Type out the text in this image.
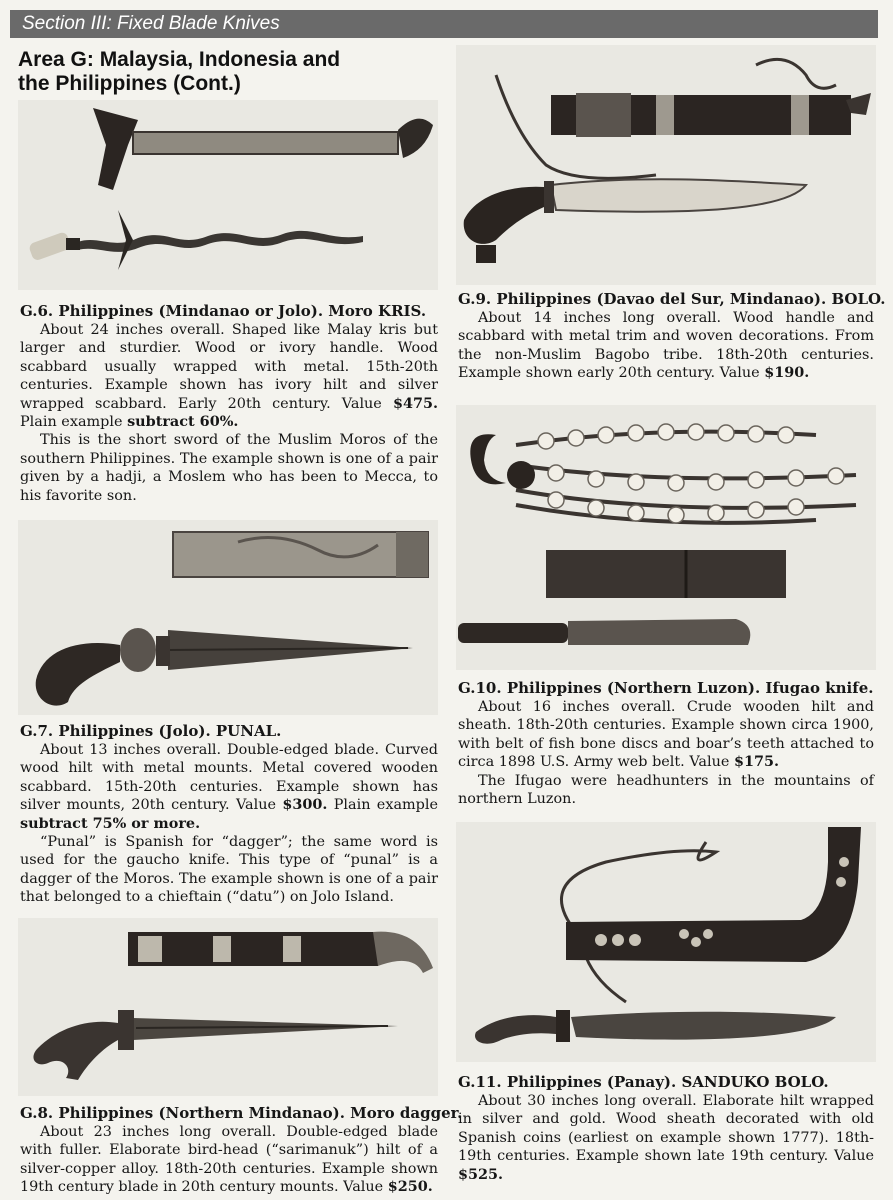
Section III: Fixed Blade Knives
Area G: Malaysia, Indonesia and
the Philippines (Cont.)
G.6. Philippines (Mindanao or Jolo). Moro KRIS.

About 24 inches overall. Shaped like Malay kris but larger and sturdier. Wood or ivory handle. Wood scabbard usually wrapped with metal. 15th-20th centuries. Example shown has ivory hilt and silver wrapped scabbard. Early 20th century. Value $475. Plain example subtract 60%.

This is the short sword of the Muslim Moros of the southern Philippines. The example shown is one of a pair given by a hadji, a Moslem who has been to Mecca, to his favorite son.

G.7. Philippines (Jolo). PUNAL.

About 13 inches overall. Double-edged blade. Curved wood hilt with metal mounts. Metal covered wooden scabbard. 15th-20th centuries. Example shown has silver mounts, 20th century. Value $300. Plain example subtract 75% or more.

“Punal” is Spanish for “dagger”; the same word is used for the gaucho knife. This type of “punal” is a dagger of the Moros. The example shown is one of a pair that belonged to a chieftain (“datu”) on Jolo Island.

G.8. Philippines (Northern Mindanao). Moro dagger.

About 23 inches long overall. Double-edged blade with fuller. Elaborate bird-head (“sarimanuk”) hilt of a silver-copper alloy. 18th-20th centuries. Example shown 19th century blade in 20th century mounts. Value $250.

G.9. Philippines (Davao del Sur, Mindanao). BOLO.

About 14 inches long overall. Wood handle and scabbard with metal trim and woven decorations. From the non-Muslim Bagobo tribe. 18th-20th centuries. Example shown early 20th century. Value $190.

G.10. Philippines (Northern Luzon). Ifugao knife.

About 16 inches overall. Crude wooden hilt and sheath. 18th-20th centuries. Example shown circa 1900, with belt of fish bone discs and boar’s teeth attached to circa 1898 U.S. Army web belt. Value $175.

The Ifugao were headhunters in the mountains of northern Luzon.

G.11. Philippines (Panay). SANDUKO BOLO.

About 30 inches long overall. Elaborate hilt wrapped in silver and gold. Wood sheath decorated with old Spanish coins (earliest on example shown 1777). 18th-19th centuries. Example shown late 19th century. Value $525.
